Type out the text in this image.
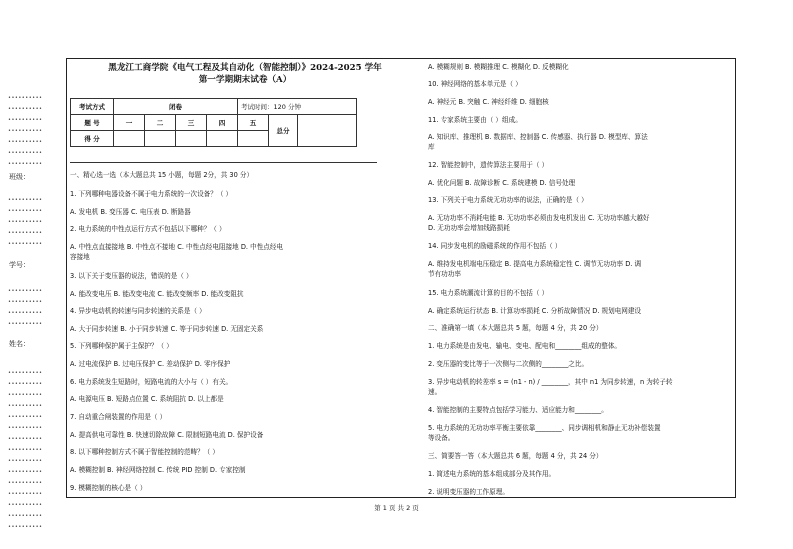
••••••••••
••••••••••
••••••••••
••••••••••
••••••••••
••••••••••
••••••••••
班级：
••••••••••
••••••••••
••••••••••
••••••••••
••••••••••
学号：
••••••••••
••••••••••
••••••••••
••••••••••
姓名：
••••••••••
••••••••••
••••••••••
••••••••••
••••••••••
••••••••••
••••••••••
••••••••••
••••••••••
••••••••••
••••••••••
••••••••••
••••••••••
••••••••••
••••••••••
黑龙江工商学院《电气工程及其自动化（智能控制）》2024-2025 学年
第一学期期末试卷（A）
考试方式	闭卷				考试时间：120 分钟		
题 号	一	二	三	四	五	总分	
得 分							
一、精心选一选（本大题总共 15 小题，每题 2分，共 30 分）
1. 下列哪种电器设备不属于电力系统的一次设备？（ ）
A. 发电机 B. 变压器 C. 电压表 D. 断路器
2. 电力系统的中性点运行方式不包括以下哪种？（ ）
A. 中性点直接接地 B. 中性点不接地 C. 中性点经电阻接地 D. 中性点经电
容接地
3. 以下关于变压器的说法，错误的是（ ）
A. 能改变电压 B. 能改变电流 C. 能改变频率 D. 能改变阻抗
4. 异步电动机的转速与同步转速的关系是（ ）
A. 大于同步转速 B. 小于同步转速 C. 等于同步转速 D. 无固定关系
5. 下列哪种保护属于主保护？（ ）
A. 过电流保护 B. 过电压保护 C. 差动保护 D. 零序保护
6. 电力系统发生短路时，短路电流的大小与（ ）有关。
A. 电源电压 B. 短路点位置 C. 系统阻抗 D. 以上都是
7. 自动重合闸装置的作用是（ ）
A. 提高供电可靠性 B. 快速切除故障 C. 限制短路电流 D. 保护设备
8. 以下哪种控制方式不属于智能控制的范畴？（ ）
A. 模糊控制 B. 神经网络控制 C. 传统 PID 控制 D. 专家控制
9. 模糊控制的核心是（ ）
A. 模糊规则 B. 模糊推理 C. 模糊化 D. 反模糊化
10. 神经网络的基本单元是（ ）
A. 神经元 B. 突触 C. 神经纤维 D. 细胞核
11. 专家系统主要由（ ）组成。
A. 知识库、推理机 B. 数据库、控制器 C. 传感器、执行器 D. 模型库、算法
库
12. 智能控制中，遗传算法主要用于（ ）
A. 优化问题 B. 故障诊断 C. 系统建模 D. 信号处理
13. 下列关于电力系统无功功率的说法，正确的是（ ）
A. 无功功率不消耗电能 B. 无功功率必须由发电机发出 C. 无功功率越大越好
D. 无功功率会增加线路损耗
14. 同步发电机的励磁系统的作用不包括（ ）
A. 维持发电机端电压稳定 B. 提高电力系统稳定性 C. 调节无功功率 D. 调
节有功功率
15. 电力系统潮流计算的目的不包括（ ）
A. 确定系统运行状态 B. 计算功率损耗 C. 分析故障情况 D. 规划电网建设
二、准确第一填（本大题总共 5 题，每题 4 分，共 20 分）
1. 电力系统是由发电、输电、变电、配电和________组成的整体。
2. 变压器的变比等于一次侧与二次侧的________之比。
3. 异步电动机的转差率 s = (n1 - n) / ________，其中 n1 为同步转速，n 为转子转
速。
4. 智能控制的主要特点包括学习能力、适应能力和________。
5. 电力系统的无功功率平衡主要依靠________、同步调相机和静止无功补偿装置
等设备。
三、简要答一答（本大题总共 6 题，每题 4 分，共 24 分）
1. 简述电力系统的基本组成部分及其作用。
2. 说明变压器的工作原理。
第 1 页 共 2 页
